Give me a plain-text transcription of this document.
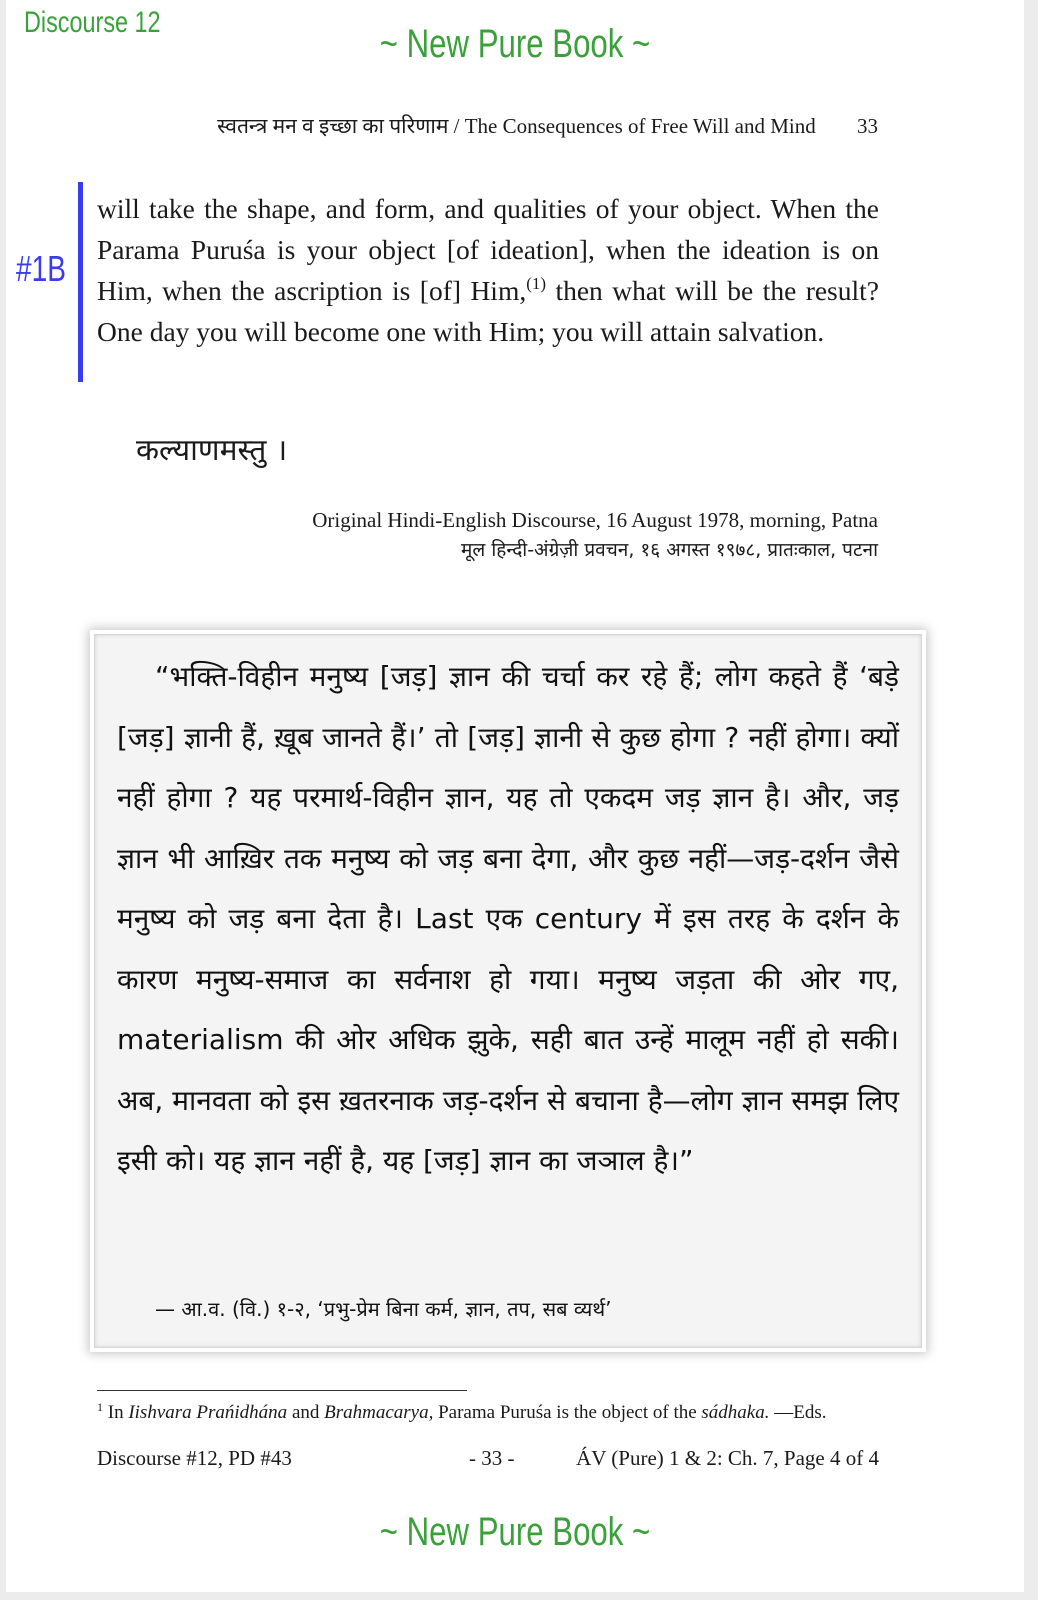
Discourse 12	~ New Pure Book ~
स्वतन्त्र मन व इच्छा का परिणाम / The Consequences of Free Will and Mind 33
#1B

will take the shape, and form, and qualities of your object. When the Parama Puruśa is your object [of ideation], when the ideation is on Him, when the ascription is [of] Him,$^{(1)}$ then what will be the result? One day you will become one with Him; you will attain salvation.

कल्याणमस्तु ।
Original Hindi-English Discourse, 16 August 1978, morning, Patna
मूल हिन्दी-अंग्रेज़ी प्रवचन, १६ अगस्त १९७८, प्रातःकाल, पटना

“भक्ति-विहीन मनुष्य [जड़] ज्ञान की चर्चा कर रहे हैं; लोग कहते हैं ‘बड़े [जड़] ज्ञानी हैं, ख़ूब जानते हैं।’ तो [जड़] ज्ञानी से कुछ होगा ? नहीं होगा। क्यों नहीं होगा ? यह परमार्थ-विहीन ज्ञान, यह तो एकदम जड़ ज्ञान है। और, जड़ ज्ञान भी आख़िर तक मनुष्य को जड़ बना देगा, और कुछ नहीं—जड़-दर्शन जैसे मनुष्य को जड़ बना देता है। Last एक century में इस तरह के दर्शन के कारण मनुष्य-समाज का सर्वनाश हो गया। मनुष्य जड़ता की ओर गए, materialism की ओर अधिक झुके, सही बात उन्हें मालूम नहीं हो सकी। अब, मानवता को इस ख़तरनाक जड़-दर्शन से बचाना है—लोग ज्ञान समझ लिए इसी को। यह ज्ञान नहीं है, यह [जड़] ज्ञान का जञाल है।”

— आ.व. (वि.) १-२, ‘प्रभु-प्रेम बिना कर्म, ज्ञान, तप, सब व्यर्थ’
$^1$ In Iishvara Prańidhána and Brahmacarya, Parama Puruśa is the object of the sádhaka. —Eds.
Discourse #12, PD #43	- 33 -	ÁV (Pure) 1 & 2: Ch. 7, Page 4 of 4
~ New Pure Book ~
